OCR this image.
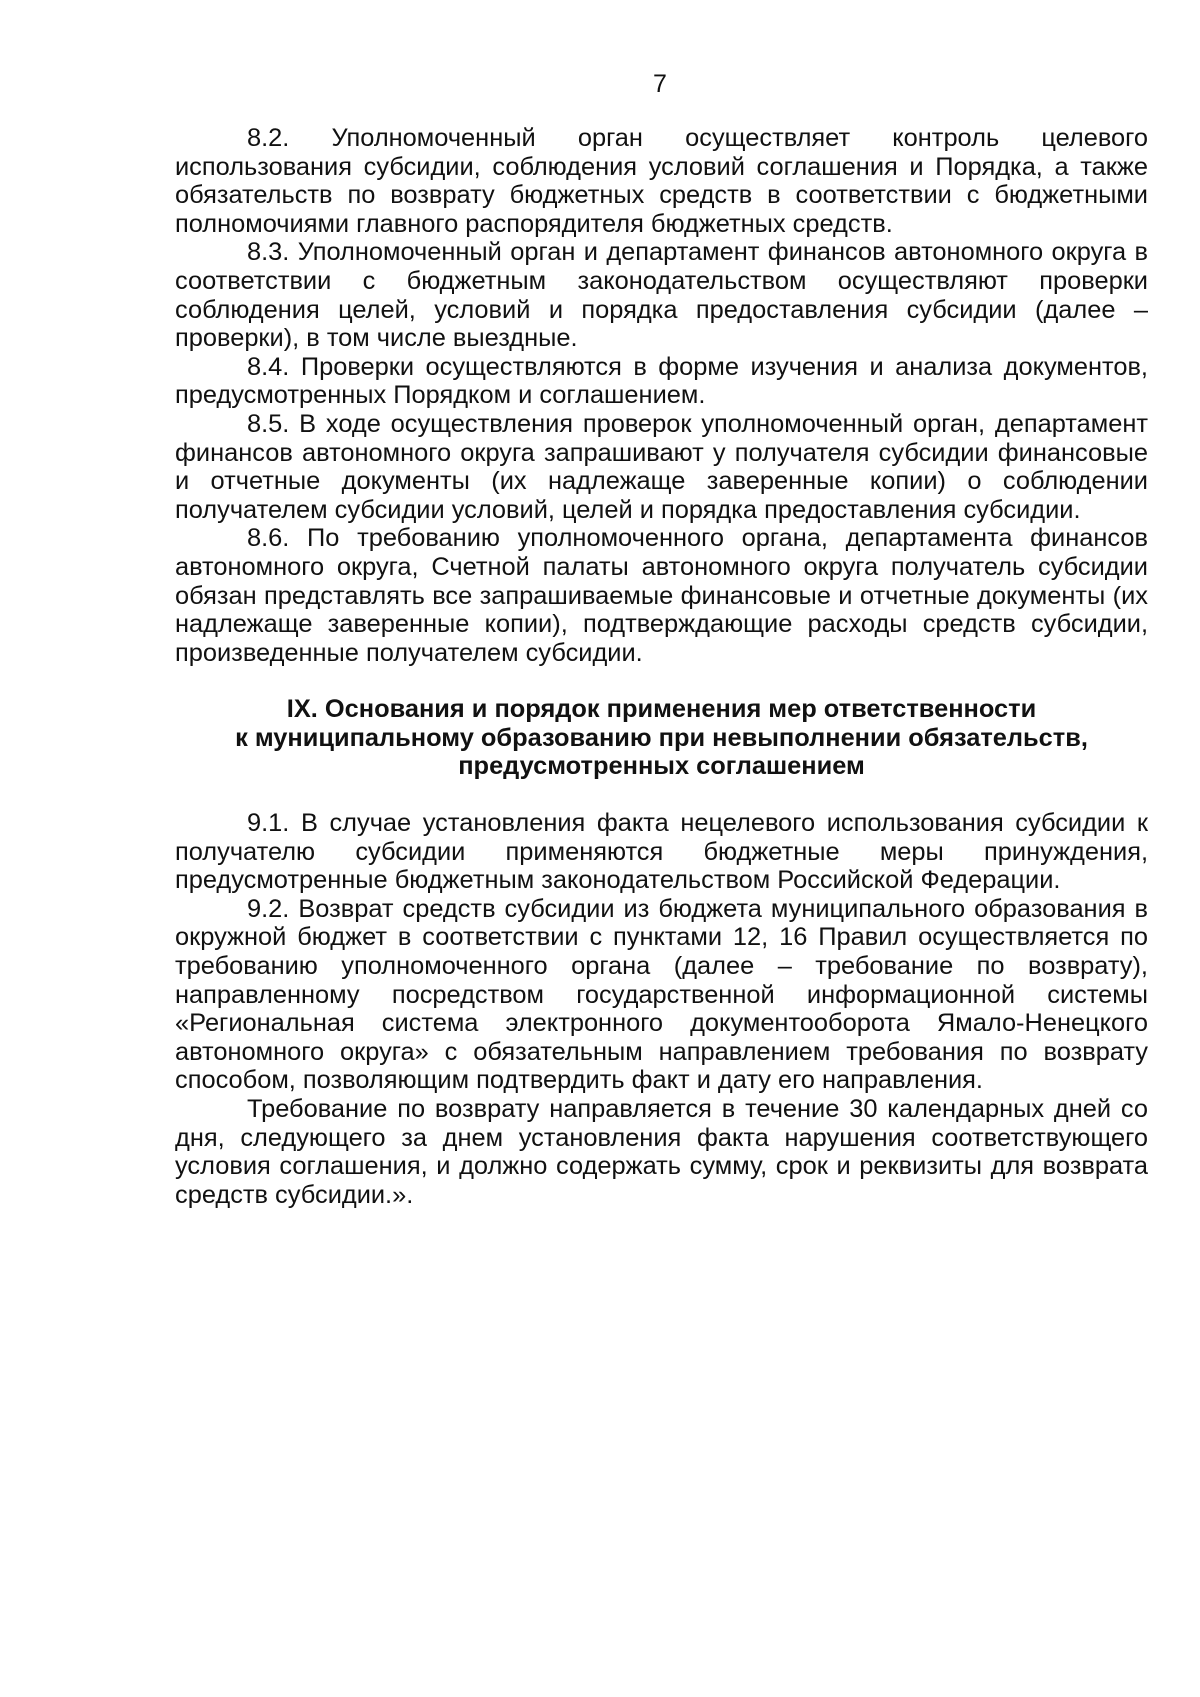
7

8.2. Уполномоченный орган осуществляет контроль целевого использования субсидии, соблюдения условий соглашения и Порядка, а также обязательств по возврату бюджетных средств в соответствии с бюджетными полномочиями главного распорядителя бюджетных средств.

8.3. Уполномоченный орган и департамент финансов автономного округа в соответствии с бюджетным законодательством осуществляют проверки соблюдения целей, условий и порядка предоставления субсидии (далее – проверки), в том числе выездные.

8.4. Проверки осуществляются в форме изучения и анализа документов, предусмотренных Порядком и соглашением.

8.5. В ходе осуществления проверок уполномоченный орган, департамент финансов автономного округа запрашивают у получателя субсидии финансовые и отчетные документы (их надлежаще заверенные копии) о соблюдении получателем субсидии условий, целей и порядка предоставления субсидии.

8.6. По требованию уполномоченного органа, департамента финансов автономного округа, Счетной палаты автономного округа получатель субсидии обязан представлять все запрашиваемые финансовые и отчетные документы (их надлежаще заверенные копии), подтверждающие расходы средств субсидии, произведенные получателем субсидии.

IX. Основания и порядок применения мер ответственности
к муниципальному образованию при невыполнении обязательств,
предусмотренных соглашением

9.1. В случае установления факта нецелевого использования субсидии к получателю субсидии применяются бюджетные меры принуждения, предусмотренные бюджетным законодательством Российской Федерации.

9.2. Возврат средств субсидии из бюджета муниципального образования в окружной бюджет в соответствии с пунктами 12, 16 Правил осуществляется по требованию уполномоченного органа (далее – требование по возврату), направленному посредством государственной информационной системы «Региональная система электронного документооборота Ямало-Ненецкого автономного округа» с обязательным направлением требования по возврату способом, позволяющим подтвердить факт и дату его направления.

Требование по возврату направляется в течение 30 календарных дней со дня, следующего за днем установления факта нарушения соответствующего условия соглашения, и должно содержать сумму, срок и реквизиты для возврата средств субсидии.».
